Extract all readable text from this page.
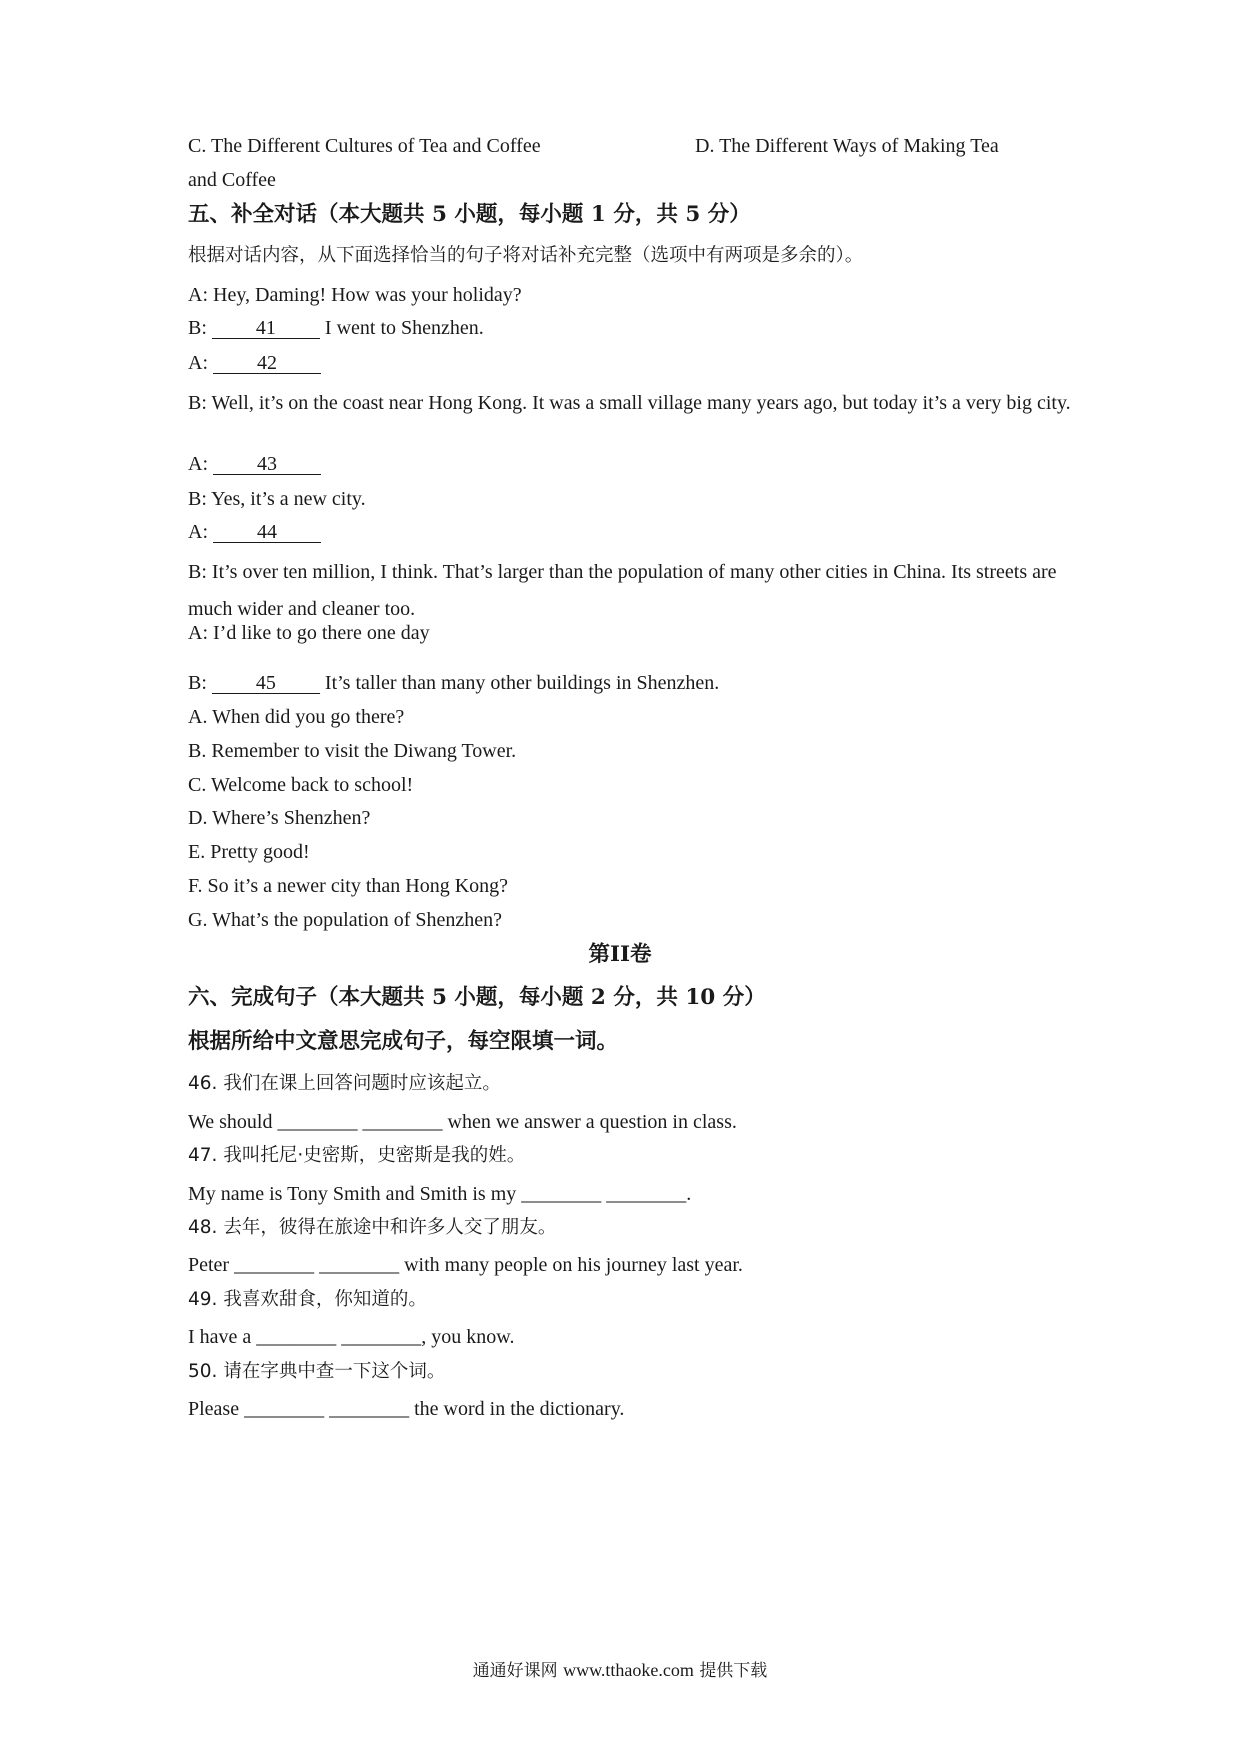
C. The Different Cultures of Tea and Coffee	D. The Different Ways of Making Tea
and Coffee
五、补全对话（本大题共 5 小题，每小题 1 分，共 5 分）
根据对话内容，从下面选择恰当的句子将对话补充完整（选项中有两项是多余的）。
A: Hey, Daming! How was your holiday?
B: 41 I went to Shenzhen.
A: 42
B: Well, it’s on the coast near Hong Kong. It was a small village many years ago, but today it’s a very big city.
A: 43
B: Yes, it’s a new city.
A: 44
B: It’s over ten million, I think. That’s larger than the population of many other cities in China. Its streets are much wider and cleaner too.
A: I’d like to go there one day
B: 45 It’s taller than many other buildings in Shenzhen.
A. When did you go there?
B. Remember to visit the Diwang Tower.
C. Welcome back to school!
D. Where’s Shenzhen?
E. Pretty good!
F. So it’s a newer city than Hong Kong?
G. What’s the population of Shenzhen?
第II卷
六、完成句子（本大题共 5 小题，每小题 2 分，共 10 分）
根据所给中文意思完成句子，每空限填一词。
46. 我们在课上回答问题时应该起立。
We should ________ ________ when we answer a question in class.
47. 我叫托尼·史密斯，史密斯是我的姓。
My name is Tony Smith and Smith is my ________ ________.
48. 去年，彼得在旅途中和许多人交了朋友。
Peter ________ ________ with many people on his journey last year.
49. 我喜欢甜食，你知道的。
I have a ________ ________, you know.
50. 请在字典中查一下这个词。
Please ________ ________ the word in the dictionary.
通通好课网 www.tthaoke.com 提供下载
